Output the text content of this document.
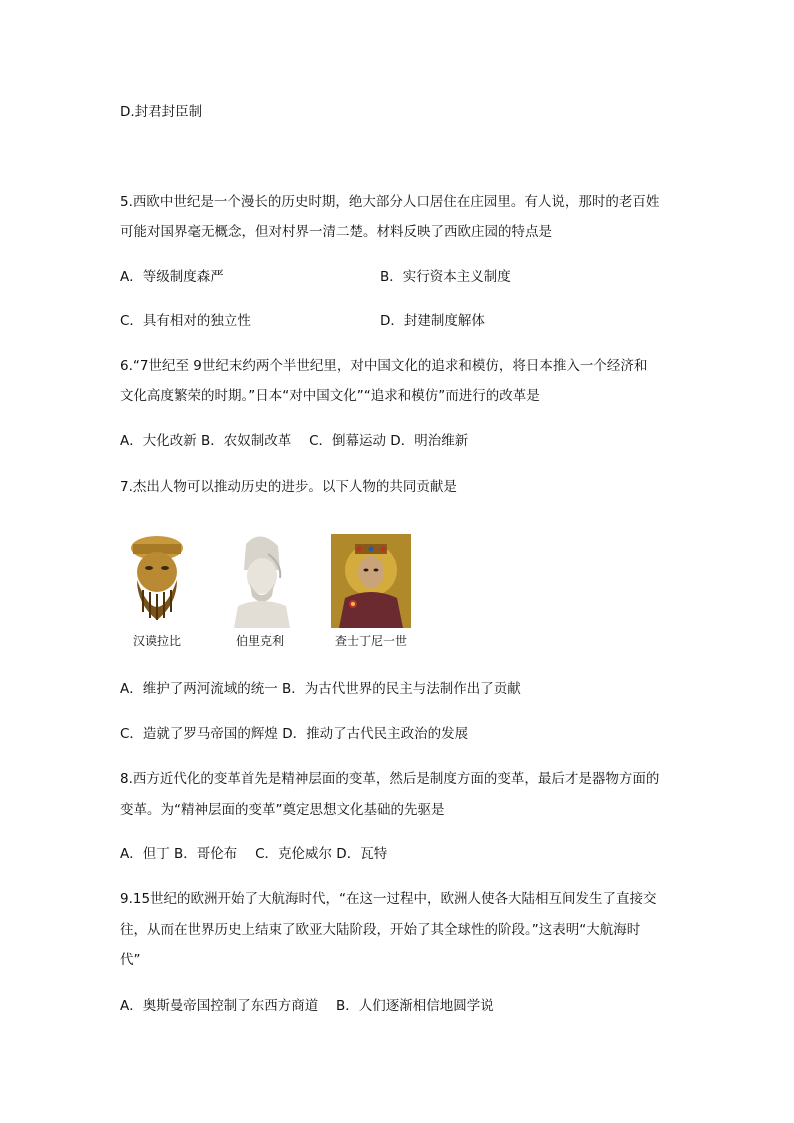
D.封君封臣制
5.西欧中世纪是一个漫长的历史时期，绝大部分人口居住在庄园里。有人说，那时的老百姓
可能对国界毫无概念，但对村界一清二楚。材料反映了西欧庄园的特点是
A．等级制度森严	B．实行资本主义制度
C．具有相对的独立性	D．封建制度解体
6.“7世纪至 9世纪末约两个半世纪里，对中国文化的追求和模仿，将日本推入一个经济和
文化高度繁荣的时期。”日本“对中国文化”“追求和模仿”而进行的改革是
A．大化改新 B．农奴制改革　 C．倒幕运动 D．明治维新
7.杰出人物可以推动历史的进步。以下人物的共同贡献是
汉谟拉比	伯里克利	查士丁尼一世
A．维护了两河流域的统一 B．为古代世界的民主与法制作出了贡献
C．造就了罗马帝国的辉煌 D．推动了古代民主政治的发展
8.西方近代化的变革首先是精神层面的变革，然后是制度方面的变革，最后才是器物方面的
变革。为“精神层面的变革”奠定思想文化基础的先驱是
A．但丁 B．哥伦布　 C．克伦威尔 D．瓦特
9.15世纪的欧洲开始了大航海时代，“在这一过程中，欧洲人使各大陆相互间发生了直接交
往，从而在世界历史上结束了欧亚大陆阶段，开始了其全球性的阶段。”这表明“大航海时
代”
A．奥斯曼帝国控制了东西方商道　 B．人们逐渐相信地圆学说
